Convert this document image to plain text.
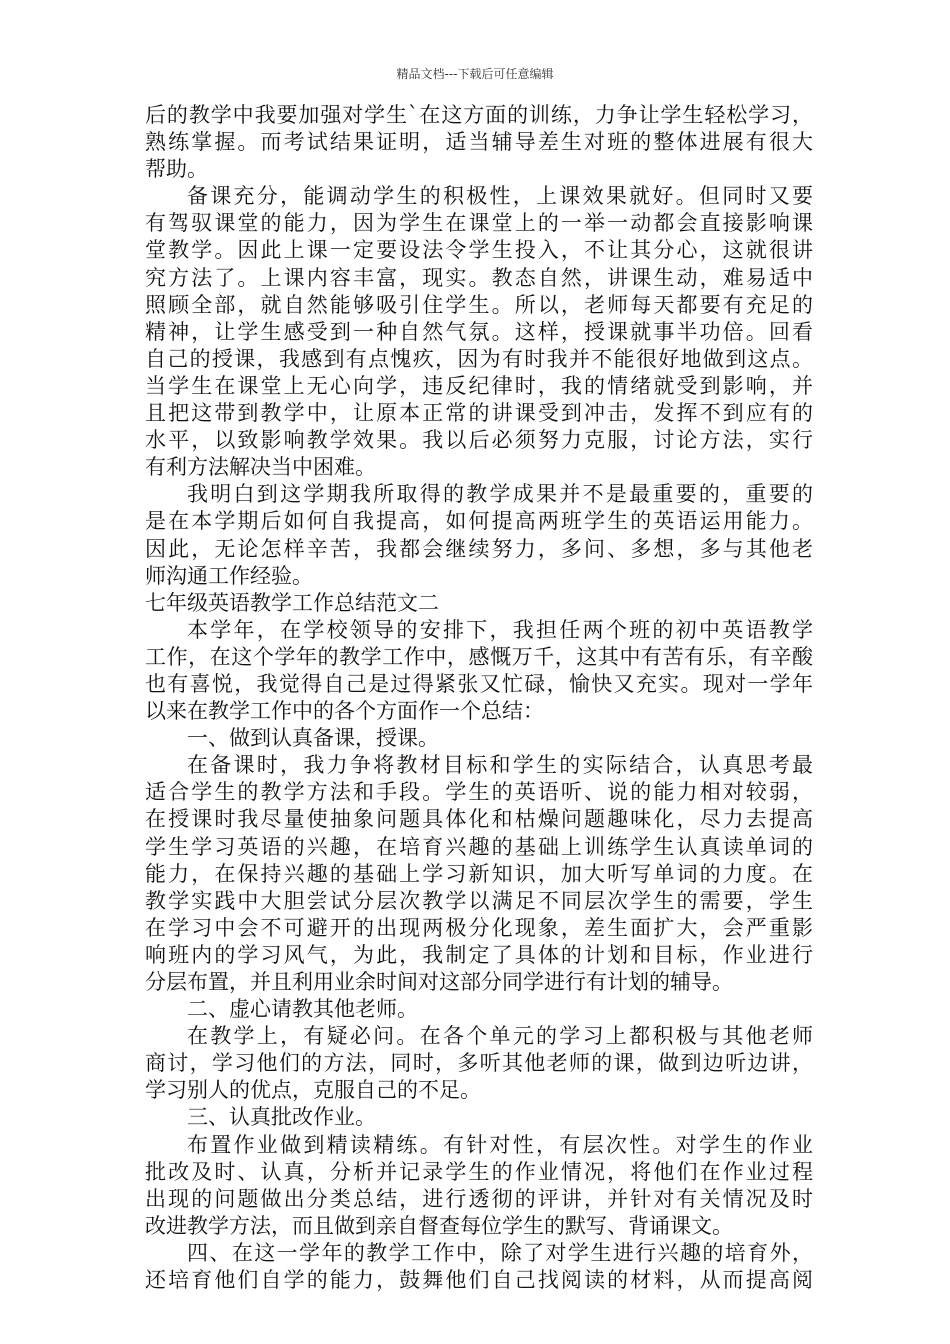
精品文档---下载后可任意编辑
后的教学中我要加强对学生`在这方面的训练，力争让学生轻松学习，
熟练掌握。而考试结果证明，适当辅导差生对班的整体进展有很大
帮助。
备课充分，能调动学生的积极性，上课效果就好。但同时又要
有驾驭课堂的能力，因为学生在课堂上的一举一动都会直接影响课
堂教学。因此上课一定要设法令学生投入，不让其分心，这就很讲
究方法了。上课内容丰富，现实。教态自然，讲课生动，难易适中
照顾全部，就自然能够吸引住学生。所以，老师每天都要有充足的
精神，让学生感受到一种自然气氛。这样，授课就事半功倍。回看
自己的授课，我感到有点愧疚，因为有时我并不能很好地做到这点。
当学生在课堂上无心向学，违反纪律时，我的情绪就受到影响，并
且把这带到教学中，让原本正常的讲课受到冲击，发挥不到应有的
水平，以致影响教学效果。我以后必须努力克服，讨论方法，实行
有利方法解决当中困难。
我明白到这学期我所取得的教学成果并不是最重要的，重要的
是在本学期后如何自我提高，如何提高两班学生的英语运用能力。
因此，无论怎样辛苦，我都会继续努力，多问、多想，多与其他老
师沟通工作经验。
七年级英语教学工作总结范文二
本学年，在学校领导的安排下，我担任两个班的初中英语教学
工作，在这个学年的教学工作中，感慨万千，这其中有苦有乐，有辛酸
也有喜悦，我觉得自己是过得紧张又忙碌，愉快又充实。现对一学年
以来在教学工作中的各个方面作一个总结：
一、做到认真备课，授课。
在备课时，我力争将教材目标和学生的实际结合，认真思考最
适合学生的教学方法和手段。学生的英语听、说的能力相对较弱，
在授课时我尽量使抽象问题具体化和枯燥问题趣味化，尽力去提高
学生学习英语的兴趣，在培育兴趣的基础上训练学生认真读单词的
能力，在保持兴趣的基础上学习新知识，加大听写单词的力度。在
教学实践中大胆尝试分层次教学以满足不同层次学生的需要，学生
在学习中会不可避开的出现两极分化现象，差生面扩大，会严重影
响班内的学习风气，为此，我制定了具体的计划和目标，作业进行
分层布置，并且利用业余时间对这部分同学进行有计划的辅导。
二、虚心请教其他老师。
在教学上，有疑必问。在各个单元的学习上都积极与其他老师
商讨，学习他们的方法，同时，多听其他老师的课，做到边听边讲，
学习别人的优点，克服自己的不足。
三、认真批改作业。
布置作业做到精读精练。有针对性，有层次性。对学生的作业
批改及时、认真，分析并记录学生的作业情况，将他们在作业过程
出现的问题做出分类总结，进行透彻的评讲，并针对有关情况及时
改进教学方法，而且做到亲自督查每位学生的默写、背诵课文。
四、在这一学年的教学工作中，除了对学生进行兴趣的培育外，
还培育他们自学的能力，鼓舞他们自己找阅读的材料，从而提高阅
